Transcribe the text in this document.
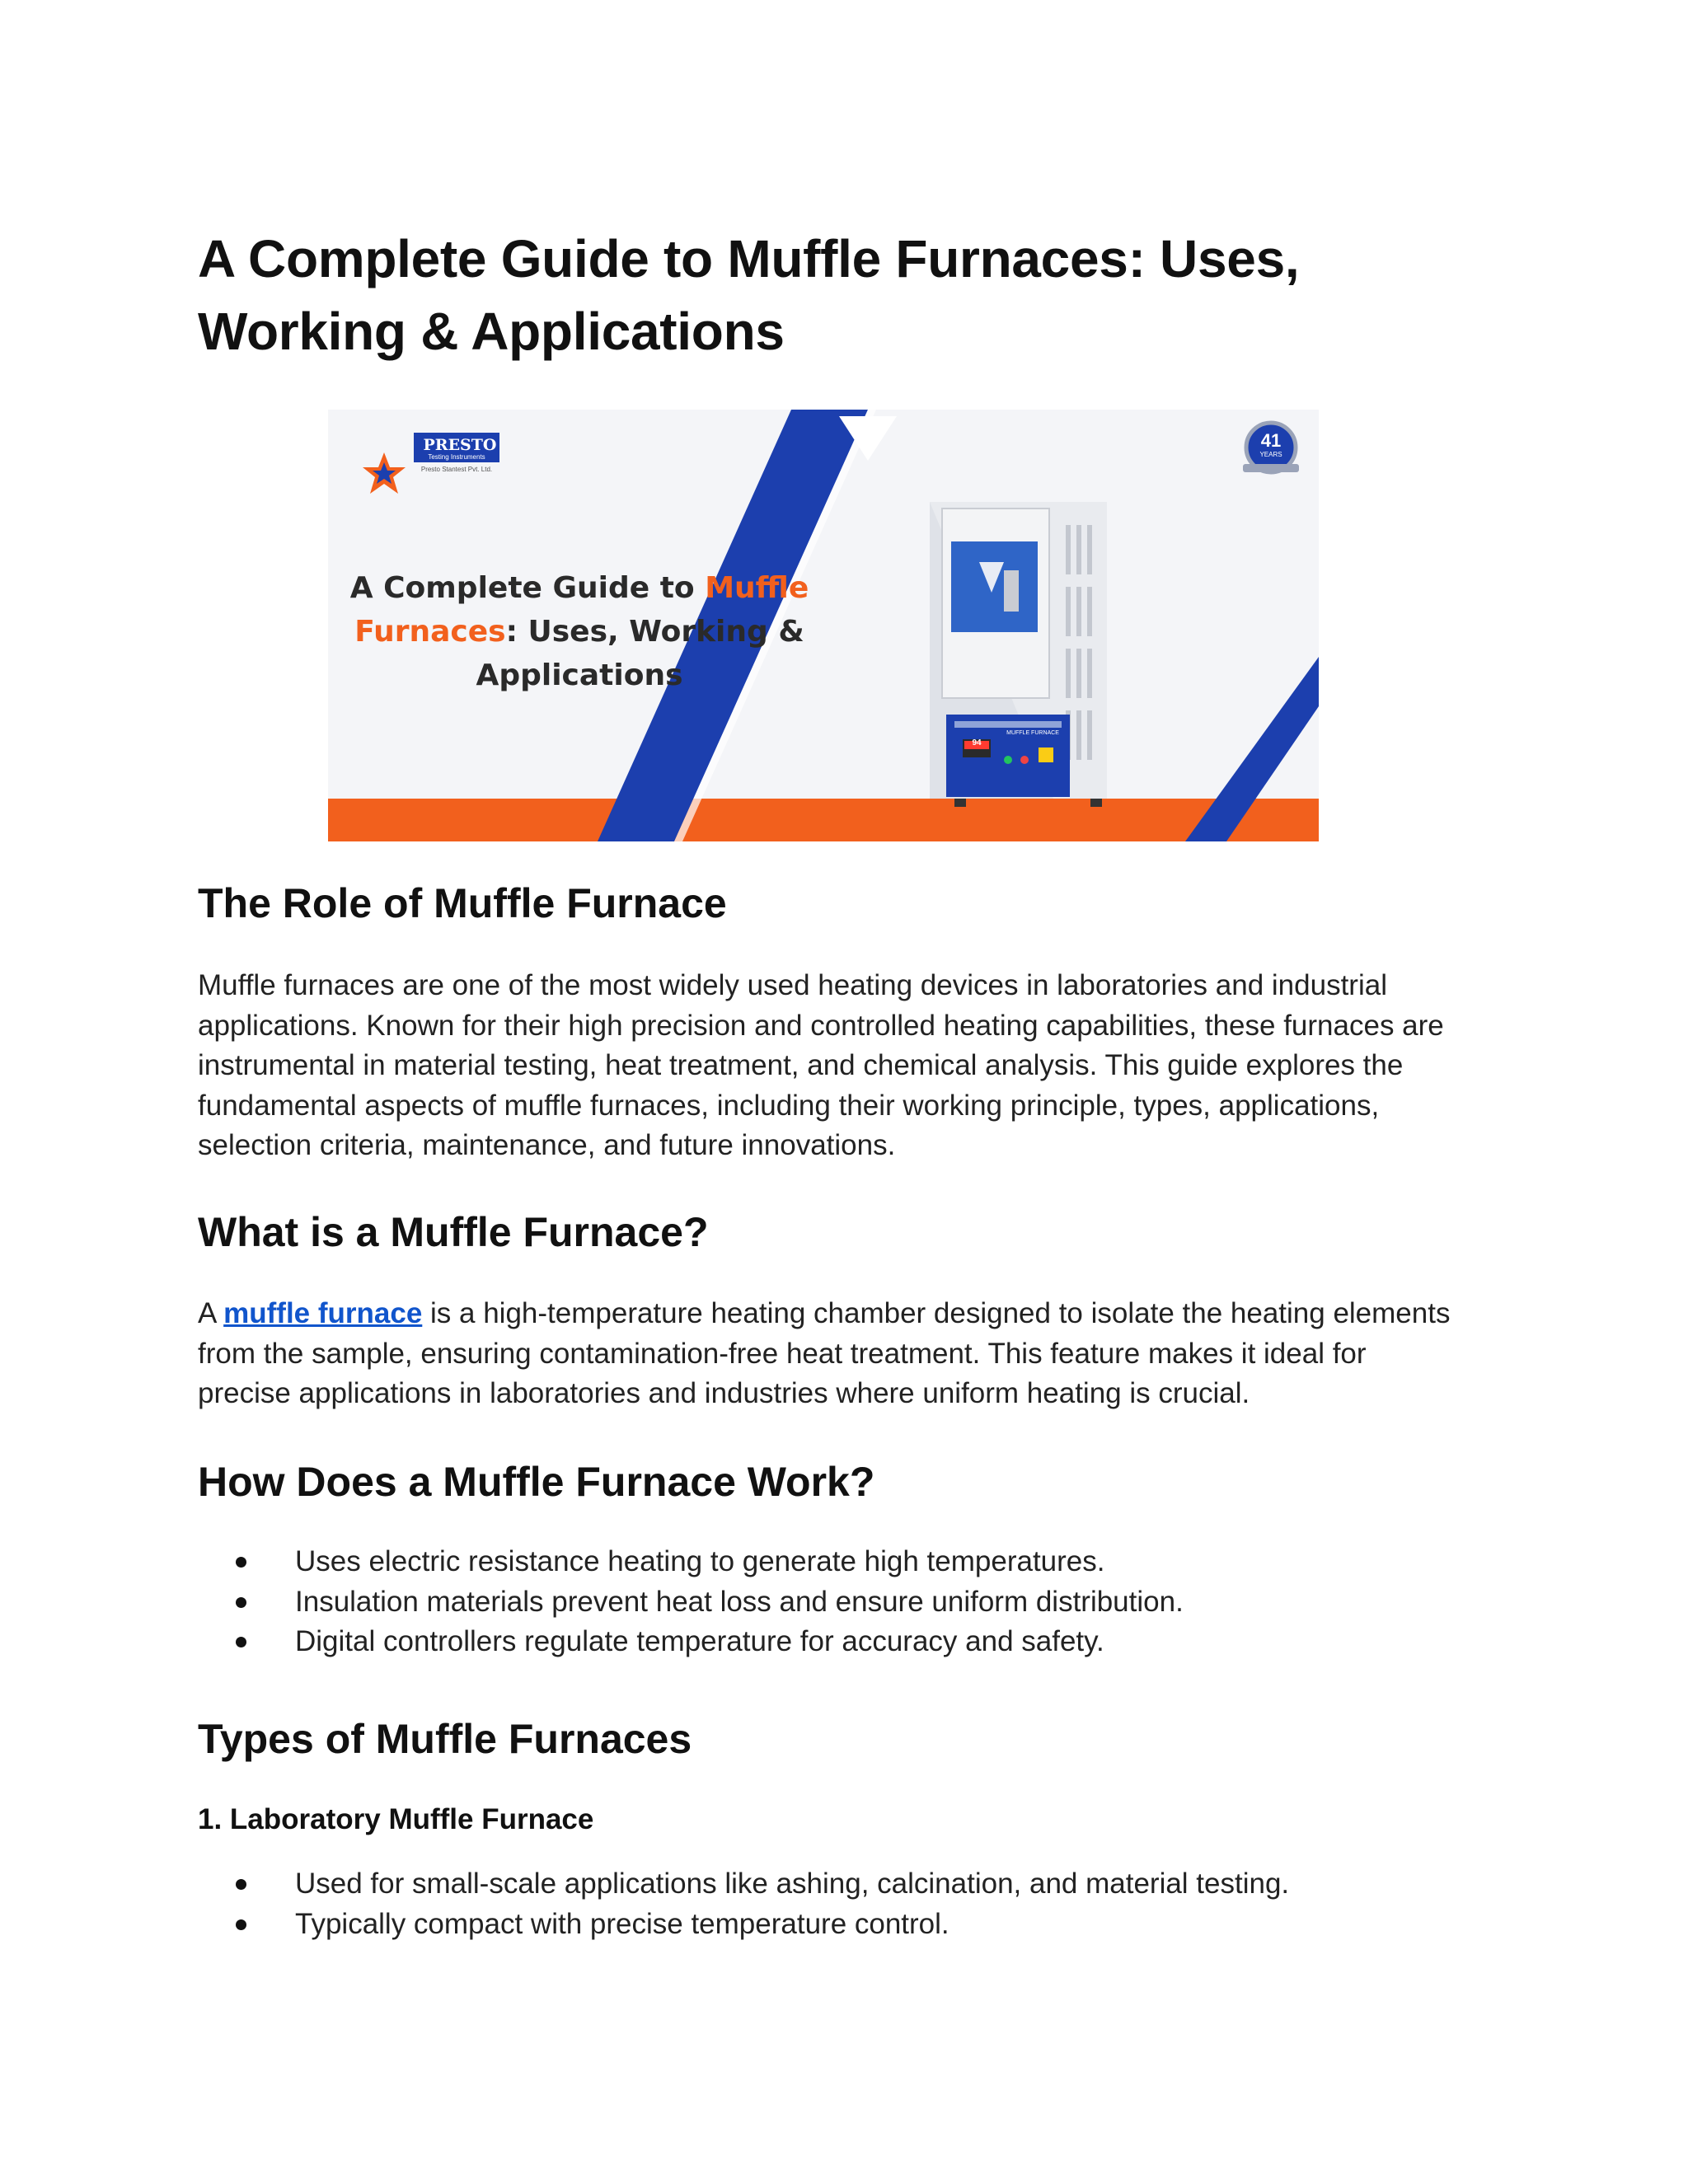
A Complete Guide to Muffle Furnaces: Uses,
Working & Applications
PRESTO
Testing Instruments
Presto Stantest Pvt. Ltd.
41
YEARS
94
MUFFLE FURNACE
A Complete Guide to Muffle
Furnaces: Uses, Working &
Applications
The Role of Muffle Furnace

Muffle furnaces are one of the most widely used heating devices in laboratories and industrial applications. Known for their high precision and controlled heating capabilities, these furnaces are instrumental in material testing, heat treatment, and chemical analysis. This guide explores the fundamental aspects of muffle furnaces, including their working principle, types, applications, selection criteria, maintenance, and future innovations.

What is a Muffle Furnace?

A muffle furnace is a high-temperature heating chamber designed to isolate the heating elements from the sample, ensuring contamination-free heat treatment. This feature makes it ideal for precise applications in laboratories and industries where uniform heating is crucial.

How Does a Muffle Furnace Work?
Uses electric resistance heating to generate high temperatures.
Insulation materials prevent heat loss and ensure uniform distribution.
Digital controllers regulate temperature for accuracy and safety.
Types of Muffle Furnaces
1. Laboratory Muffle Furnace
Used for small-scale applications like ashing, calcination, and material testing.
Typically compact with precise temperature control.
